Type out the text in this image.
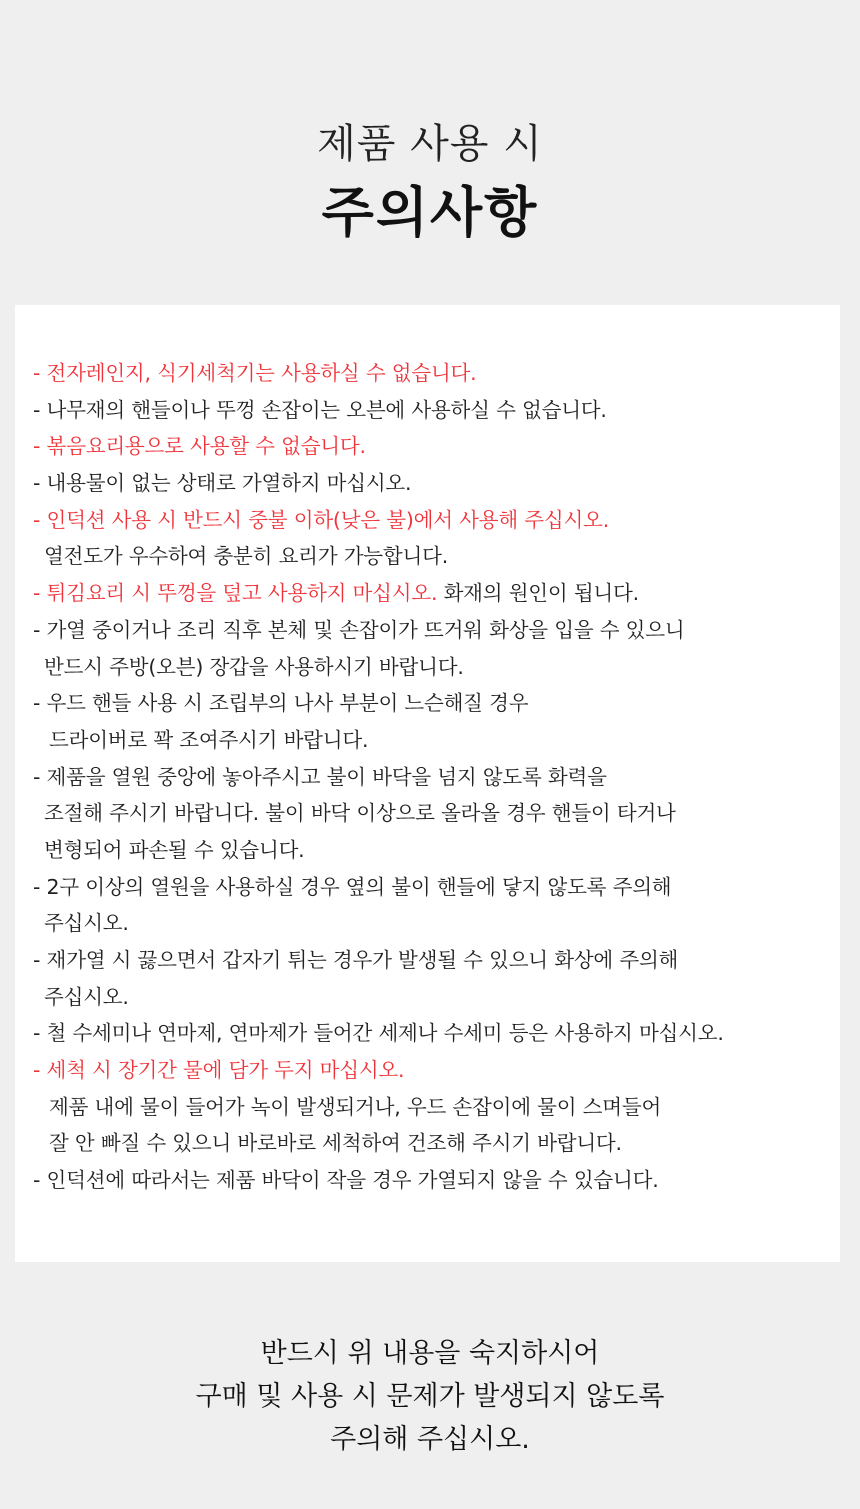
제품 사용 시
주의사항
- 전자레인지, 식기세척기는 사용하실 수 없습니다.
- 나무재의 핸들이나 뚜껑 손잡이는 오븐에 사용하실 수 없습니다.
- 볶음요리용으로 사용할 수 없습니다.
- 내용물이 없는 상태로 가열하지 마십시오.
- 인덕션 사용 시 반드시 중불 이하(낮은 불)에서 사용해 주십시오.
열전도가 우수하여 충분히 요리가 가능합니다.
- 튀김요리 시 뚜껑을 덮고 사용하지 마십시오. 화재의 원인이 됩니다.
- 가열 중이거나 조리 직후 본체 및 손잡이가 뜨거워 화상을 입을 수 있으니
반드시 주방(오븐) 장갑을 사용하시기 바랍니다.
- 우드 핸들 사용 시 조립부의 나사 부분이 느슨해질 경우
드라이버로 꽉 조여주시기 바랍니다.
- 제품을 열원 중앙에 놓아주시고 불이 바닥을 넘지 않도록 화력을
조절해 주시기 바랍니다. 불이 바닥 이상으로 올라올 경우 핸들이 타거나
변형되어 파손될 수 있습니다.
- 2구 이상의 열원을 사용하실 경우 옆의 불이 핸들에 닿지 않도록 주의해
주십시오.
- 재가열 시 끓으면서 갑자기 튀는 경우가 발생될 수 있으니 화상에 주의해
주십시오.
- 철 수세미나 연마제, 연마제가 들어간 세제나 수세미 등은 사용하지 마십시오.
- 세척 시 장기간 물에 담가 두지 마십시오.
제품 내에 물이 들어가 녹이 발생되거나, 우드 손잡이에 물이 스며들어
잘 안 빠질 수 있으니 바로바로 세척하여 건조해 주시기 바랍니다.
- 인덕션에 따라서는 제품 바닥이 작을 경우 가열되지 않을 수 있습니다.
반드시 위 내용을 숙지하시어
구매 및 사용 시 문제가 발생되지 않도록
주의해 주십시오.
